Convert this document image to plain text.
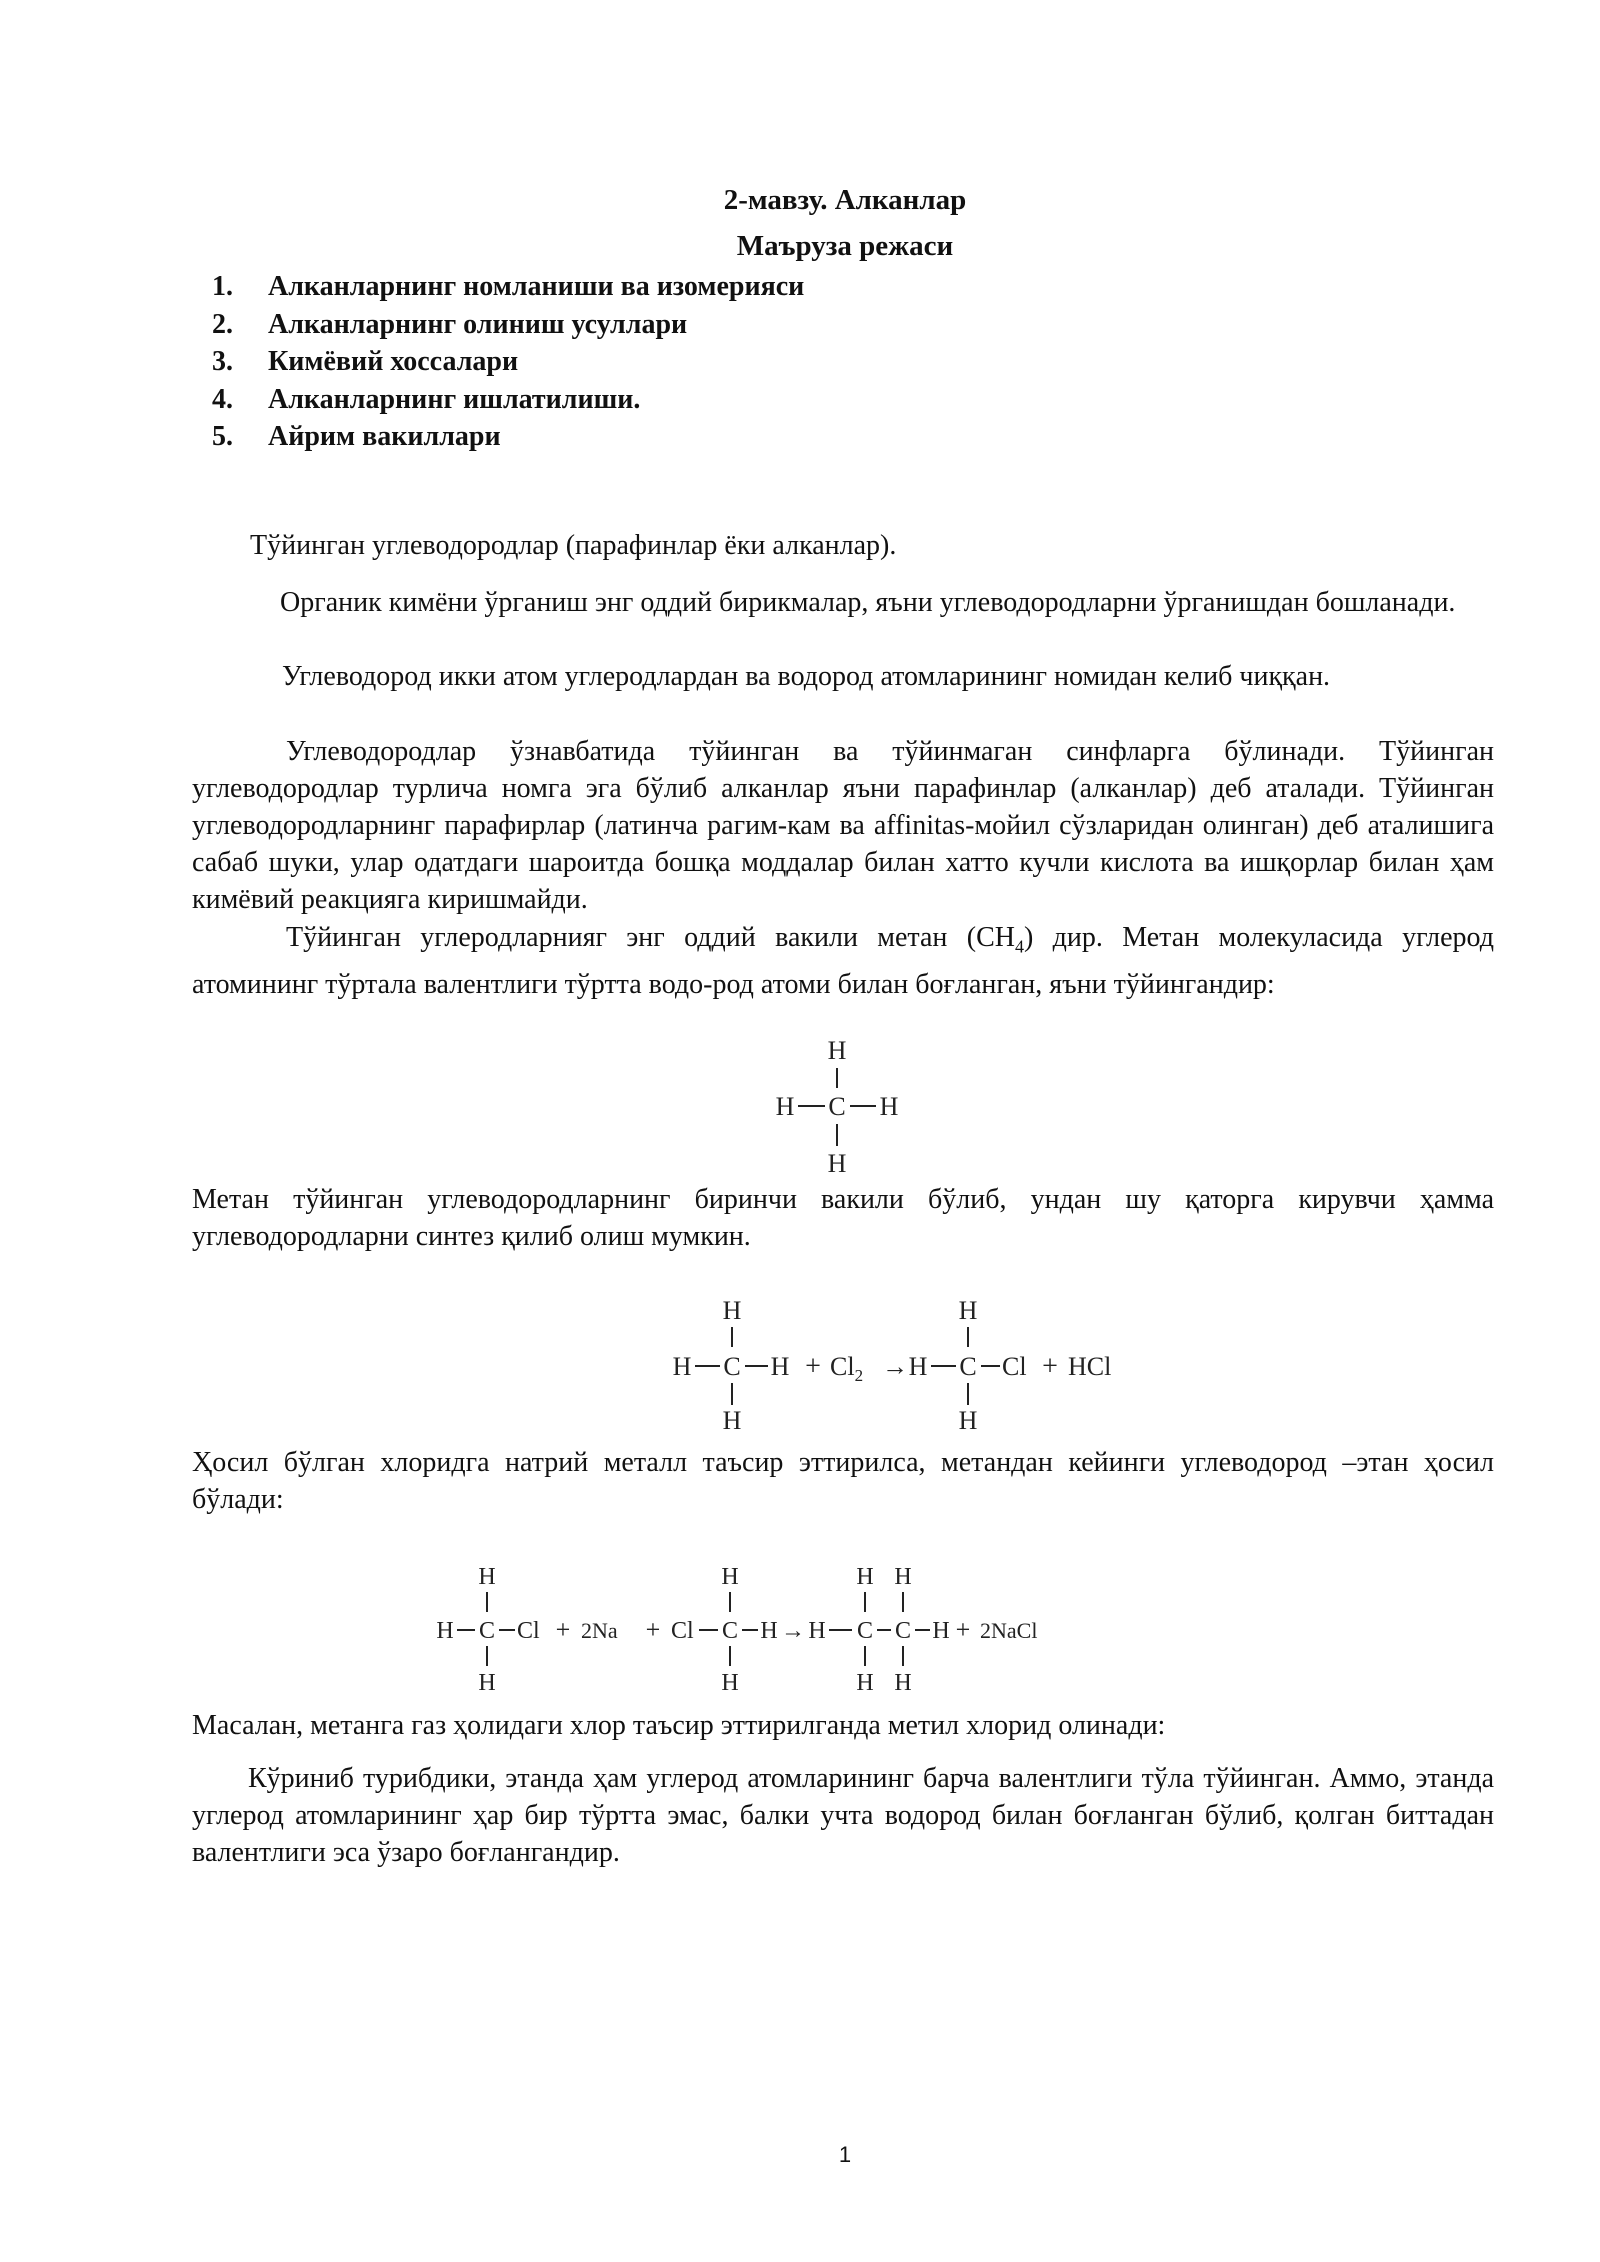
2-мавзу. Алканлар
Маъруза режаси
1. Алканларнинг номланиши ва изомерияси
2. Алканларнинг олиниш усуллари
3. Кимёвий хоссалари
4. Алканларнинг ишлатилиши.
5. Айрим вакиллари
Тўйинган углеводородлар (парафинлар ёки алканлар).
Органик кимёни ўрганиш энг оддий бирикмалар, яъни углеводородларни ўрганишдан бошланади.
Углеводород икки атом углеродлардан ва водород атомларининг номидан келиб чиққан.
Углеводородлар ўзнавбатида тўйинган ва тўйинмаган синфларга бўлинади. Тўйинган углеводородлар турлича номга эга бўлиб алканлар яъни парафинлар (алканлар) деб аталади. Тўйинган углеводородларнинг парафирлар (латинча paгим-кам ва affinitas-мойил сўзларидан олинган) деб аталишига сабаб шуки, улар одатдаги шароитда бошқа моддалар билан хатто кучли кислота ва ишқорлар билан ҳам кимёвий реакцияга киришмайди.
Тўйинган углеродларнияг энг оддий вакили метан $(CH_4)$ дир. Метан молекуласида углерод атомининг тўртала валентлиги тўртта водо-род атоми билан боғланган, яъни тўйингандир:
H
C
H	H
H
Метан тўйинган углеводородларнинг биринчи вакили бўлиб, ундан шу қаторга кирувчи ҳамма углеводородларни синтез қилиб олиш мумкин.
H
H C H
H
+ $Cl_2 \to H$
H
C Cl
H
+ HCl
Ҳосил бўлган хлоридга натрий металл таъсир эттирилса, метандан кейинги углеводород –этан ҳосил бўлади:
H
H C Cl
H
+ 2Na + Cl
H
C H
H
→ H
H
C
H
C H
H H
+ 2NaCl
Масалан, метанга газ ҳолидаги хлор таъсир эттирилганда метил хлорид олинади:
Кўриниб турибдики, этанда ҳам углерод атомларининг барча валентлиги тўла тўйинган. Аммо, этанда углерод атомларининг ҳар бир тўртта эмас, балки учта водород билан боғланган бўлиб, қолган биттадан валентлиги эса ўзаро боғлангандир.
1
